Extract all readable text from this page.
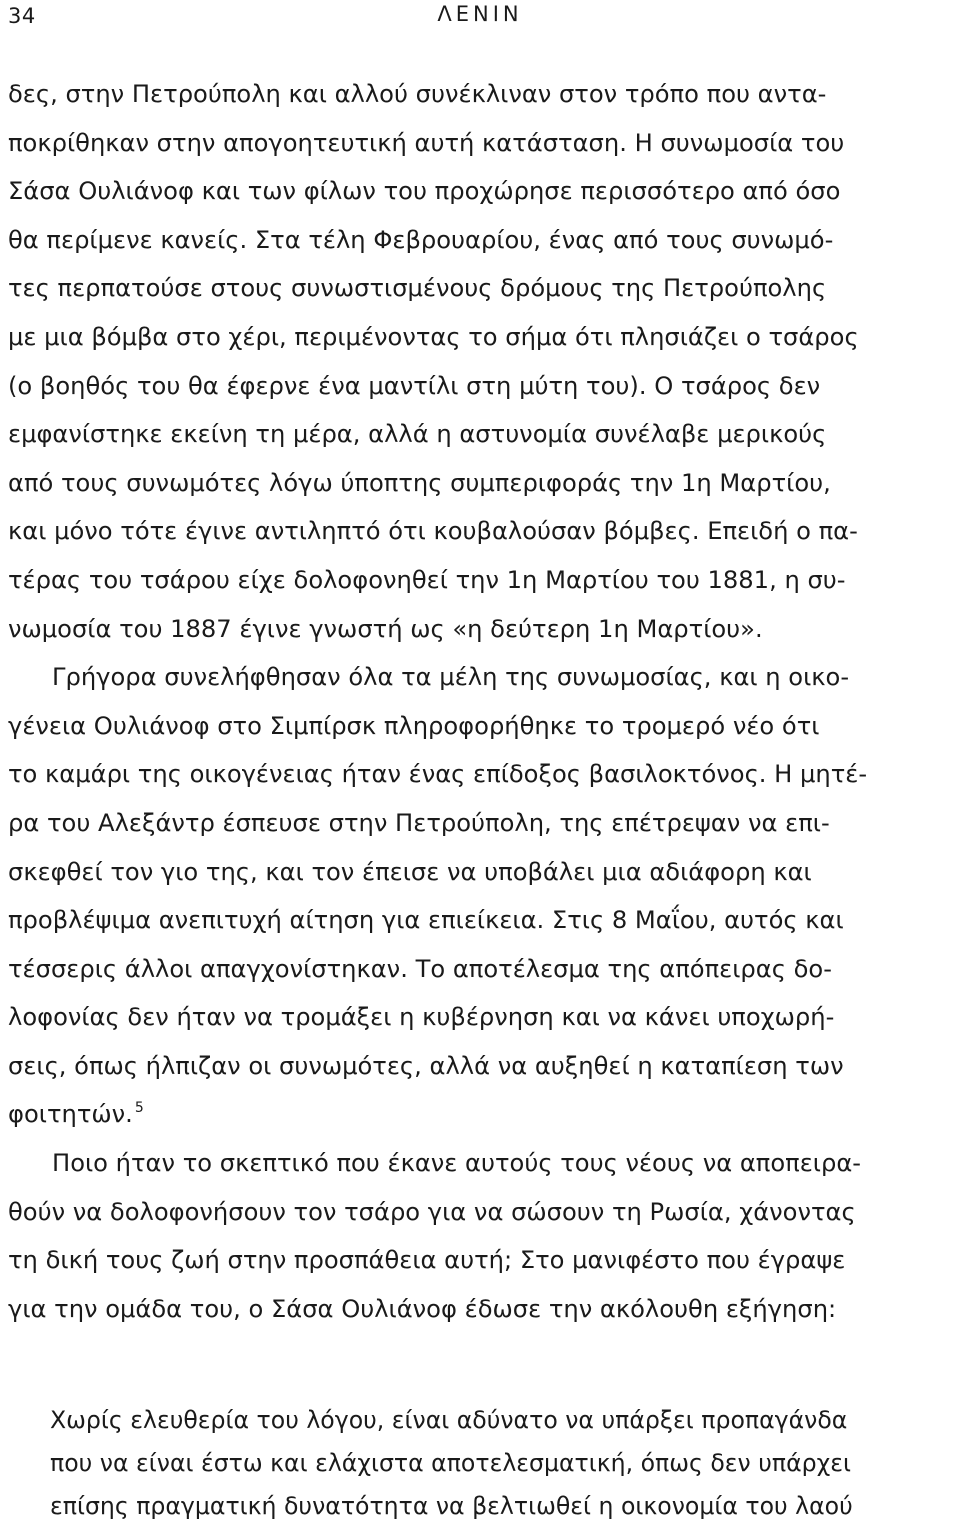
34	ΛΕΝΙΝ
δες, στην Πετρούπολη και αλλού συνέκλιναν στον τρόπο που αντα-
ποκρίθηκαν στην απογοητευτική αυτή κατάσταση. Η συνωμοσία του
Σάσα Ουλιάνοφ και των φίλων του προχώρησε περισσότερο από όσο
θα περίμενε κανείς. Στα τέλη Φεβρουαρίου, ένας από τους συνωμό-
τες περπατούσε στους συνωστισμένους δρόμους της Πετρούπολης
με μια βόμβα στο χέρι, περιμένοντας το σήμα ότι πλησιάζει ο τσάρος
(ο βοηθός του θα έφερνε ένα μαντίλι στη μύτη του). Ο τσάρος δεν
εμφανίστηκε εκείνη τη μέρα, αλλά η αστυνομία συνέλαβε μερικούς
από τους συνωμότες λόγω ύποπτης συμπεριφοράς την 1η Μαρτίου,
και μόνο τότε έγινε αντιληπτό ότι κουβαλούσαν βόμβες. Επειδή ο πα-
τέρας του τσάρου είχε δολοφονηθεί την 1η Μαρτίου του 1881, η συ-
νωμοσία του 1887 έγινε γνωστή ως «η δεύτερη 1η Μαρτίου».
Γρήγορα συνελήφθησαν όλα τα μέλη της συνωμοσίας, και η οικο-
γένεια Ουλιάνοφ στο Σιμπίρσκ πληροφορήθηκε το τρομερό νέο ότι
το καμάρι της οικογένειας ήταν ένας επίδοξος βασιλοκτόνος. Η μητέ-
ρα του Αλεξάντρ έσπευσε στην Πετρούπολη, της επέτρεψαν να επι-
σκεφθεί τον γιο της, και τον έπεισε να υποβάλει μια αδιάφορη και
προβλέψιμα ανεπιτυχή αίτηση για επιείκεια. Στις 8 Μαΐου, αυτός και
τέσσερις άλλοι απαγχονίστηκαν. Το αποτέλεσμα της απόπειρας δο-
λοφονίας δεν ήταν να τρομάξει η κυβέρνηση και να κάνει υποχωρή-
σεις, όπως ήλπιζαν οι συνωμότες, αλλά να αυξηθεί η καταπίεση των
φοιτητών. $^5$
Ποιο ήταν το σκεπτικό που έκανε αυτούς τους νέους να αποπειρα-
θούν να δολοφονήσουν τον τσάρο για να σώσουν τη Ρωσία, χάνοντας
τη δική τους ζωή στην προσπάθεια αυτή; Στο μανιφέστο που έγραψε
για την ομάδα του, ο Σάσα Ουλιάνοφ έδωσε την ακόλουθη εξήγηση:
Χωρίς ελευθερία του λόγου, είναι αδύνατο να υπάρξει προπαγάνδα
που να είναι έστω και ελάχιστα αποτελεσματική, όπως δεν υπάρχει
επίσης πραγματική δυνατότητα να βελτιωθεί η οικονομία του λαού
